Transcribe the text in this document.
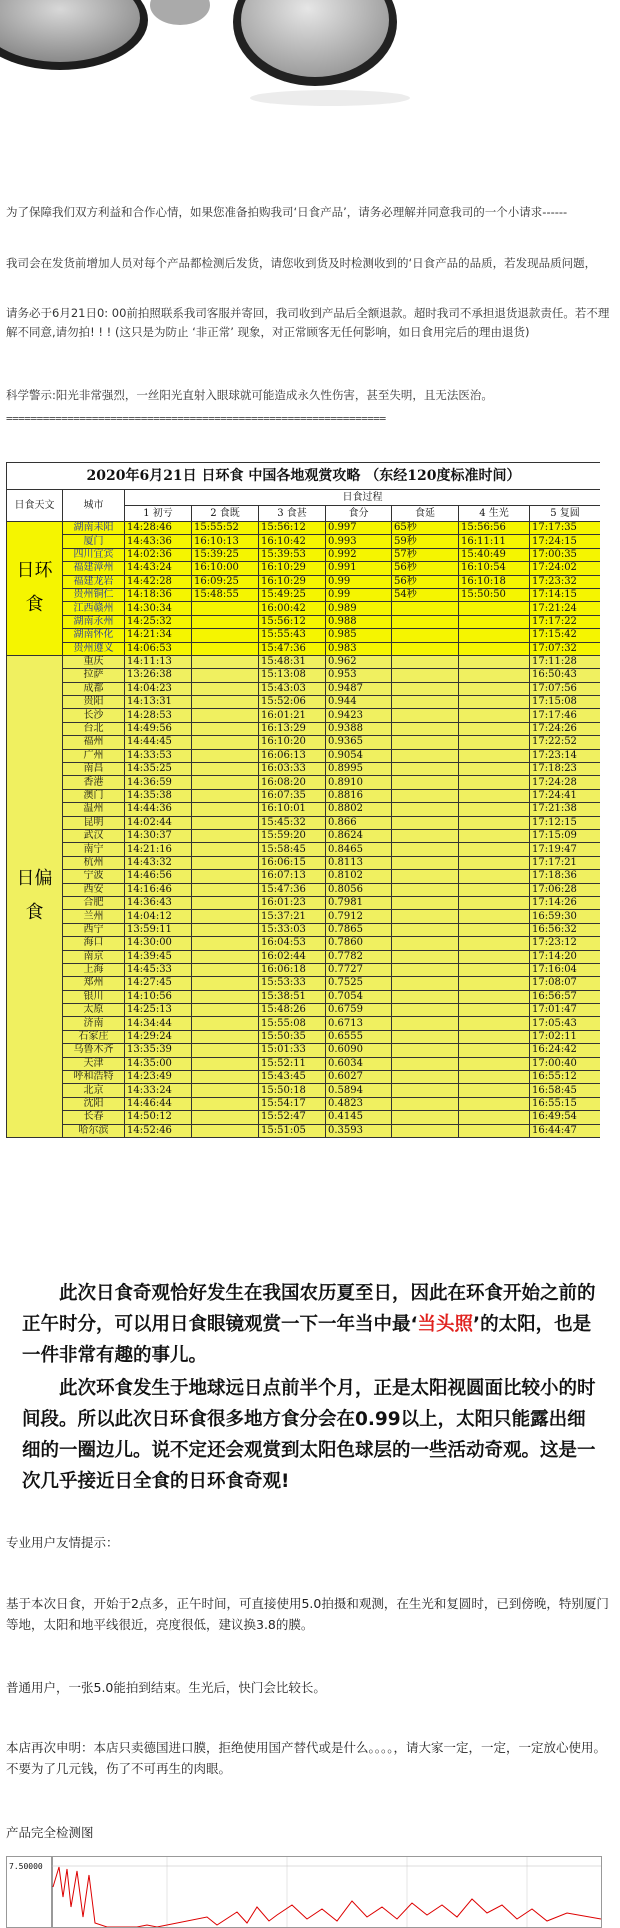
为了保障我们双方利益和合作心情，如果您准备拍购我司‘日食产品’，请务必理解并同意我司的一个小请求------
我司会在发货前增加人员对每个产品都检测后发货，请您收到货及时检测收到的‘日食产品的品质，若发现品质问题，
请务必于6月21日0: 00前拍照联系我司客服并寄回，我司收到产品后全额退款。超时我司不承担退货退款责任。若不理解不同意,请勿拍! ! ! (这只是为防止 ‘非正常’ 现象，对正常顾客无任何影响，如日食用完后的理由退货)
科学警示:阳光非常强烈，一丝阳光直射入眼球就可能造成永久性伤害，甚至失明，且无法医治。
==============================================================
2020年6月21日 日环食 中国各地观赏攻略 （东经120度标准时间）								
日食天文	城市	日食过程						
		1 初亏	2 食既	3 食甚	食分	食延	4 生光	5 复圆
日环食	湖南耒阳	14:28:46	15:55:52	15:56:12	0.997	65秒	15:56:56	17:17:35
	厦门	14:43:36	16:10:13	16:10:42	0.993	59秒	16:11:11	17:24:15
	四川宜宾	14:02:36	15:39:25	15:39:53	0.992	57秒	15:40:49	17:00:35
	福建漳州	14:43:24	16:10:00	16:10:29	0.991	56秒	16:10:54	17:24:02
	福建龙岩	14:42:28	16:09:25	16:10:29	0.99	56秒	16:10:18	17:23:32
	贵州铜仁	14:18:36	15:48:55	15:49:25	0.99	54秒	15:50:50	17:14:15
	江西赣州	14:30:34		16:00:42	0.989			17:21:24
	湖南永州	14:25:32		15:56:12	0.988			17:17:22
	湖南怀化	14:21:34		15:55:43	0.985			17:15:42
	贵州遵义	14:06:53		15:47:36	0.983			17:07:32
日偏食	重庆	14:11:13		15:48:31	0.962			17:11:28
	拉萨	13:26:38		15:13:08	0.953			16:50:43
	成都	14:04:23		15:43:03	0.9487			17:07:56
	贵阳	14:13:31		15:52:06	0.944			17:15:08
	长沙	14:28:53		16:01:21	0.9423			17:17:46
	台北	14:49:56		16:13:29	0.9388			17:24:26
	福州	14:44:45		16:10:20	0.9365			17:22:52
	广州	14:33:53		16:06:13	0.9054			17:23:14
	南昌	14:35:25		16:03:33	0.8995			17:18:23
	香港	14:36:59		16:08:20	0.8910			17:24:28
	澳门	14:35:38		16:07:35	0.8816			17:24:41
	温州	14:44:36		16:10:01	0.8802			17:21:38
	昆明	14:02:44		15:45:32	0.866			17:12:15
	武汉	14:30:37		15:59:20	0.8624			17:15:09
	南宁	14:21:16		15:58:45	0.8465			17:19:47
	杭州	14:43:32		16:06:15	0.8113			17:17:21
	宁波	14:46:56		16:07:13	0.8102			17:18:36
	西安	14:16:46		15:47:36	0.8056			17:06:28
	合肥	14:36:43		16:01:23	0.7981			17:14:26
	兰州	14:04:12		15:37:21	0.7912			16:59:30
	西宁	13:59:11		15:33:03	0.7865			16:56:32
	海口	14:30:00		16:04:53	0.7860			17:23:12
	南京	14:39:45		16:02:44	0.7782			17:14:20
	上海	14:45:33		16:06:18	0.7727			17:16:04
	郑州	14:27:45		15:53:33	0.7525			17:08:07
	银川	14:10:56		15:38:51	0.7054			16:56:57
	太原	14:25:13		15:48:26	0.6759			17:01:47
	济南	14:34:44		15:55:08	0.6713			17:05:43
	石家庄	14:29:24		15:50:35	0.6555			17:02:11
	乌鲁木齐	13:35:39		15:01:33	0.6090			16:24:42
	天津	14:35:00		15:52:11	0.6034			17:00:40
	呼和浩特	14:23:49		15:43:45	0.6027			16:55:12
	北京	14:33:24		15:50:18	0.5894			16:58:45
	沈阳	14:46:44		15:54:17	0.4823			16:55:15
	长春	14:50:12		15:52:47	0.4145			16:49:54
	哈尔滨	14:52:46		15:51:05	0.3593			16:44:47
此次日食奇观恰好发生在我国农历夏至日，因此在环食开始之前的正午时分，可以用日食眼镜观赏一下一年当中最‘当头照’的太阳，也是一件非常有趣的事儿。
此次环食发生于地球远日点前半个月，正是太阳视圆面比较小的时间段。所以此次日环食很多地方食分会在0.99以上，太阳只能露出细细的一圈边儿。说不定还会观赏到太阳色球层的一些活动奇观。这是一次几乎接近日全食的日环食奇观!
专业用户友情提示：
基于本次日食，开始于2点多，正午时间，可直接使用5.0拍摄和观测，在生光和复圆时，已到傍晚，特别厦门等地，太阳和地平线很近，亮度很低，建议换3.8的膜。
普通用户，一张5.0能拍到结束。生光后，快门会比较长。
本店再次申明：本店只卖德国进口膜，拒绝使用国产替代或是什么。。。。，请大家一定，一定，一定放心使用。不要为了几元钱，伤了不可再生的肉眼。
产品完全检测图
7.50000
